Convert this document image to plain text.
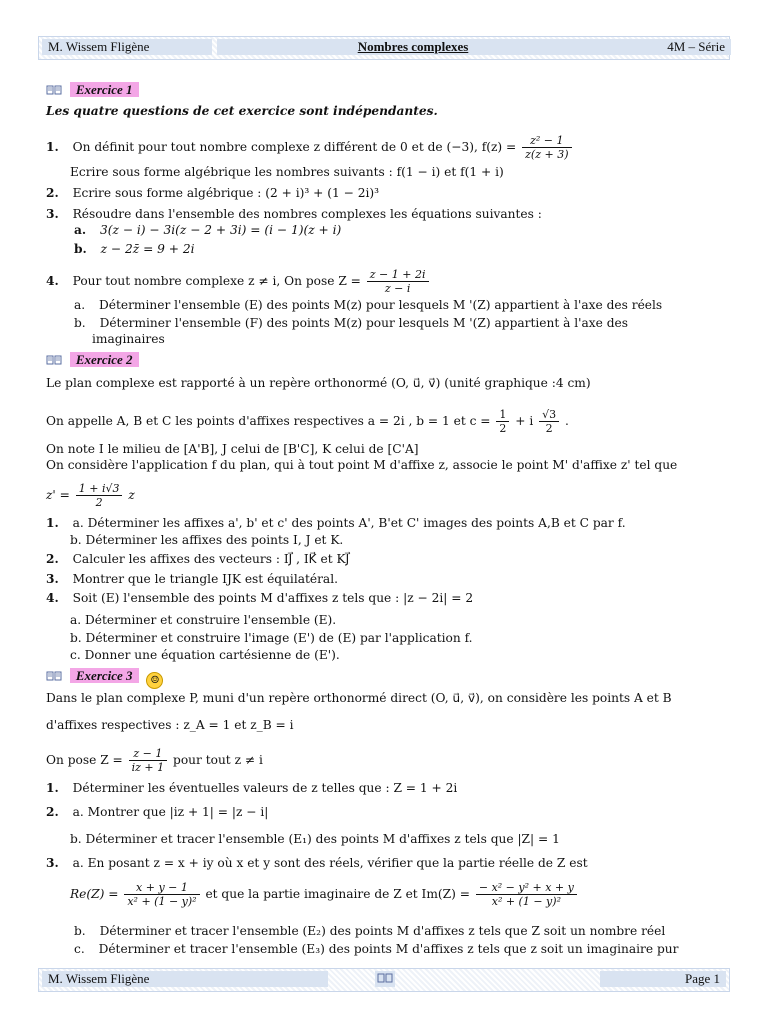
M. Wissem Fligène	Nombres complexes	4M – Série
Exercice 1
Les quatre questions de cet exercice sont indépendantes.
1. On définit pour tout nombre complexe z différent de 0 et de (−3), $f(z) = \frac{\text{z² − 1}}{z(z + 3)}$
Ecrire sous forme algébrique les nombres suivants : f(1 − i) et f(1 + i)
2. Ecrire sous forme algébrique : (2 + i)³ + (1 − 2i)³
3. Résoudre dans l'ensemble des nombres complexes les équations suivantes :
a. 3(z − i) − 3i(z − 2 + 3i) = (i − 1)(z + i)
b. z − 2z̄ = 9 + 2i
4. Pour tout nombre complexe z ≠ i, On pose $Z = \frac{z - 1 + 2i}{z - i}$
a. Déterminer l'ensemble (E) des points M(z) pour lesquels M '(Z) appartient à l'axe des réels
b. Déterminer l'ensemble (F) des points M(z) pour lesquels M '(Z) appartient à l'axe des
imaginaires
Exercice 2
Le plan complexe est rapporté à un repère orthonormé (O, u⃗, v⃗) (unité graphique :4 cm)
On appelle A, B et C les points d'affixes respectives a = 2i , b = 1 et $c = \frac{1}{2} + i \frac{√3}{2}$ .
On note I le milieu de [A'B], J celui de [B'C], K celui de [C'A]
On considère l'application f du plan, qui à tout point M d'affixe z, associe le point M' d'affixe z' tel que
$z' = \frac{1 + i√3}{2}$ z
1. a. Déterminer les affixes a', b' et c' des points A', B'et C' images des points A,B et C par f.
b. Déterminer les affixes des points I, J et K.
2. Calculer les affixes des vecteurs : IJ⃗ , IK⃗ et KJ⃗
3. Montrer que le triangle IJK est équilatéral.
4. Soit (E) l'ensemble des points M d'affixes z tels que : |z − 2i| = 2
a. Déterminer et construire l'ensemble (E).
b. Déterminer et construire l'image (E') de (E) par l'application f.
c. Donner une équation cartésienne de (E').
Exercice 3 ☺
Dans le plan complexe P, muni d'un repère orthonormé direct (O, u⃗, v⃗), on considère les points A et B
d'affixes respectives : z_A = 1 et z_B = i
On pose $Z = \frac{z - 1}{iz + 1}$ pour tout z ≠ i
1. Déterminer les éventuelles valeurs de z telles que : Z = 1 + 2i
2. a. Montrer que |iz + 1| = |z − i|
b. Déterminer et tracer l'ensemble (E₁) des points M d'affixes z tels que |Z| = 1
3. a. En posant z = x + iy où x et y sont des réels, vérifier que la partie réelle de Z est
$Re(Z) = \frac{x + y - 1}{\text{x² + (1 − y)²}}$ et que la partie imaginaire de Z et $Im(Z) = \frac{\text{− x² − y² + x + y}}{\text{x² + (1 − y)²}}$
b. Déterminer et tracer l'ensemble (E₂) des points M d'affixes z tels que Z soit un nombre réel
c. Déterminer et tracer l'ensemble (E₃) des points M d'affixes z tels que z soit un imaginaire pur
M. Wissem Fligène	Page 1
